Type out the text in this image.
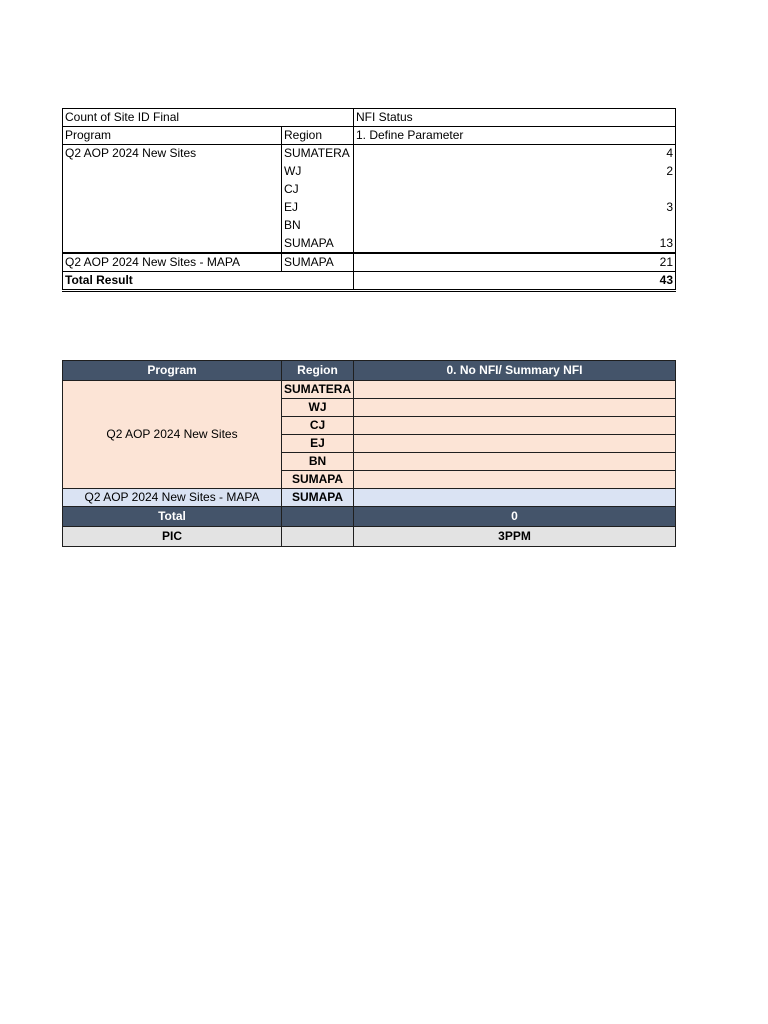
Count of Site ID Final		NFI Status
Program	Region	1. Define Parameter
Q2 AOP 2024 New Sites	SUMATERA	4
	WJ	2
	CJ	
	EJ	3
	BN	
	SUMAPA	13
Q2 AOP 2024 New Sites - MAPA	SUMAPA	21
Total Result		43
Program	Region	0. No NFI/ Summary NFI
Q2 AOP 2024 New Sites	SUMATERA	
	WJ	
	CJ	
	EJ	
	BN	
	SUMAPA	
Q2 AOP 2024 New Sites - MAPA	SUMAPA	
Total		0
PIC		3PPM
